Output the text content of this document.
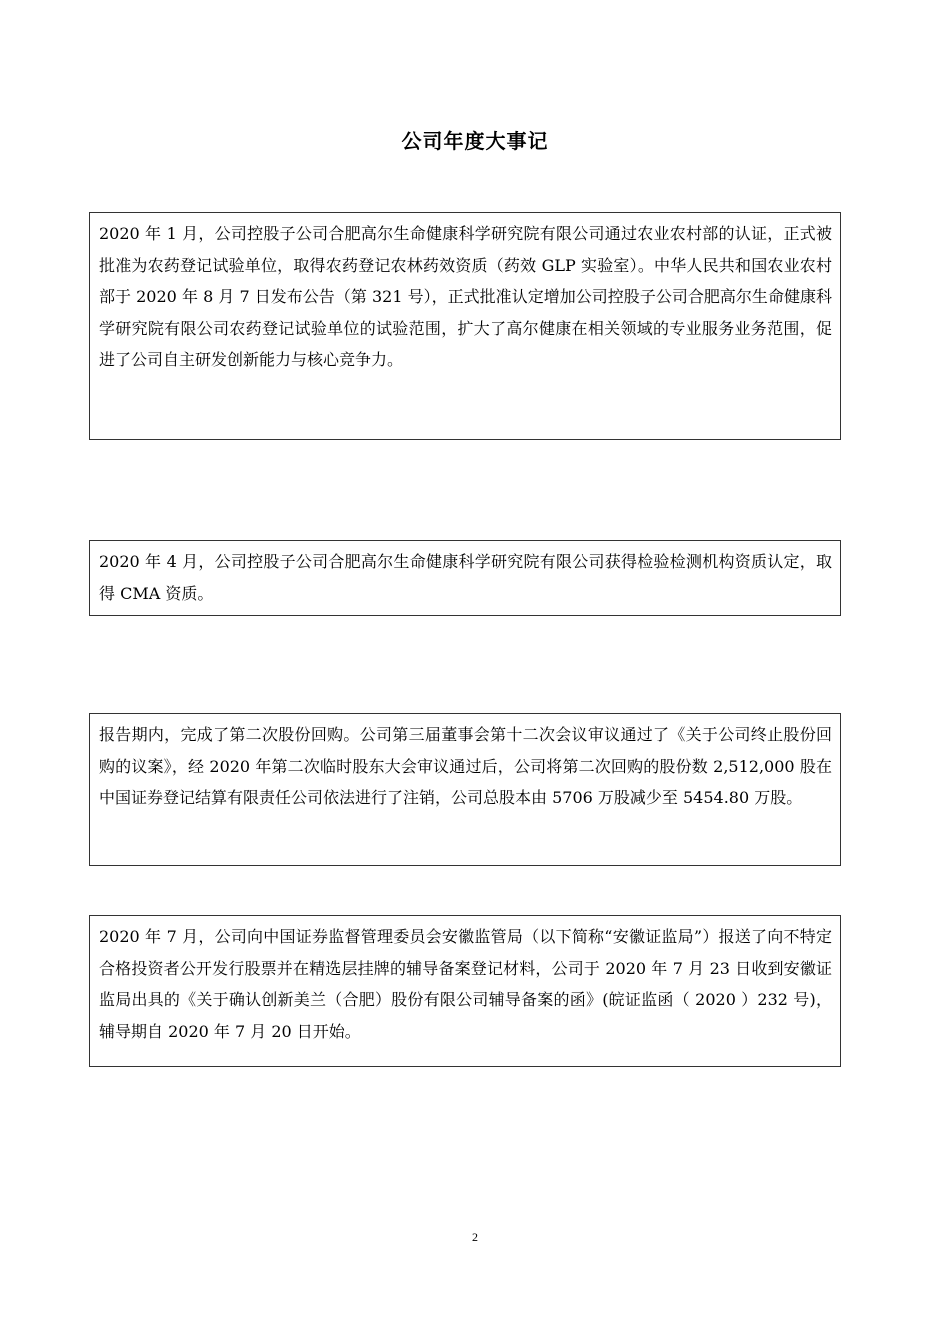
公司年度大事记
2020 年 1 月，公司控股子公司合肥高尔生命健康科学研究院有限公司通过农业农村部的认证，正式被批准为农药登记试验单位，取得农药登记农林药效资质（药效 GLP 实验室）。中华人民共和国农业农村部于 2020 年 8 月 7 日发布公告（第 321 号），正式批准认定增加公司控股子公司合肥高尔生命健康科学研究院有限公司农药登记试验单位的试验范围，扩大了高尔健康在相关领域的专业服务业务范围，促进了公司自主研发创新能力与核心竞争力。
2020 年 4 月，公司控股子公司合肥高尔生命健康科学研究院有限公司获得检验检测机构资质认定，取得 CMA 资质。
报告期内，完成了第二次股份回购。公司第三届董事会第十二次会议审议通过了《关于公司终止股份回购的议案》，经 2020 年第二次临时股东大会审议通过后，公司将第二次回购的股份数 2,512,000 股在中国证券登记结算有限责任公司依法进行了注销，公司总股本由 5706 万股减少至 5454.80 万股。
2020 年 7 月，公司向中国证券监督管理委员会安徽监管局（以下简称“安徽证监局”）报送了向不特定合格投资者公开发行股票并在精选层挂牌的辅导备案登记材料，公司于 2020 年 7 月 23 日收到安徽证监局出具的《关于确认创新美兰（合肥）股份有限公司辅导备案的函》(皖证监函（ 2020 ）232 号)，辅导期自 2020 年 7 月 20 日开始。
2
